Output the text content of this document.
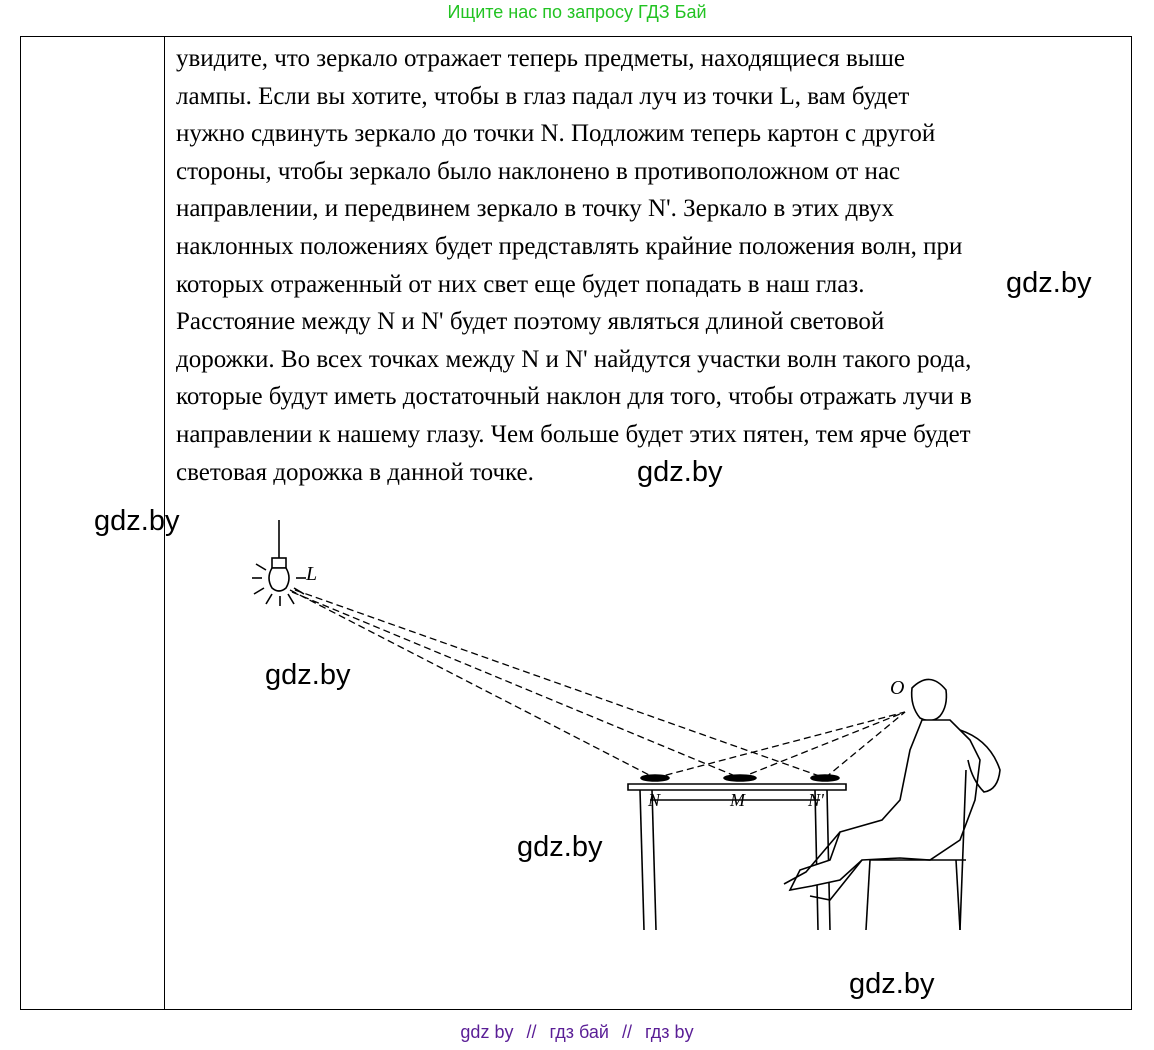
Ищите нас по запросу ГДЗ Бай
увидите, что зеркало отражает теперь предметы, находящиеся выше
лампы. Если вы хотите, чтобы в глаз падал луч из точки L, вам будет
нужно сдвинуть зеркало до точки N. Подложим теперь картон с другой
стороны, чтобы зеркало было наклонено в противоположном от нас
направлении, и передвинем зеркало в точку N'. Зеркало в этих двух
наклонных положениях будет представлять крайние положения волн, при
которых отраженный от них свет еще будет попадать в наш глаз.
Расстояние между N и N' будет поэтому являться длиной световой
дорожки. Во всех точках между N и N' найдутся участки волн такого рода,
которые будут иметь достаточный наклон для того, чтобы отражать лучи в
направлении к нашему глазу. Чем больше будет этих пятен, тем ярче будет
световая дорожка в данной точке.
gdz.by
gdz.by
gdz.by
gdz.by
gdz.by
gdz.by
L
O
N	M	N'
gdz by // гдз бай // гдз by
